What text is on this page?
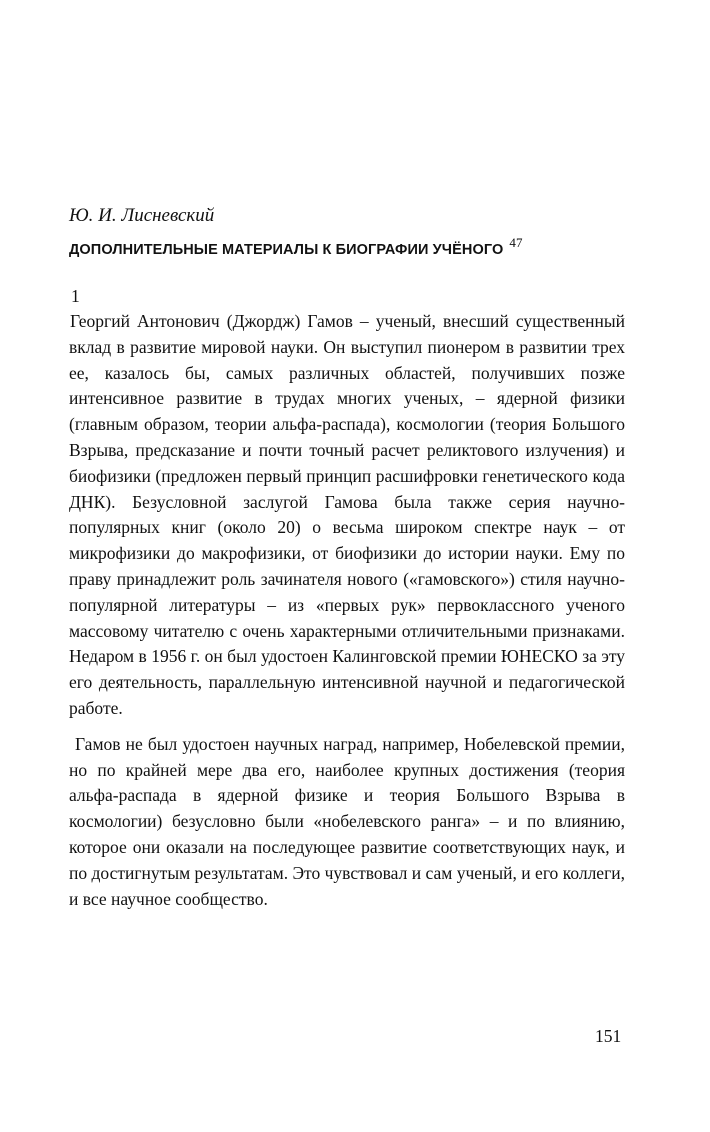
Ю. И. Лисневский

ДОПОЛНИТЕЛЬНЫЕ МАТЕРИАЛЫ К БИОГРАФИИ УЧЁНОГО 47
1

Георгий Антонович (Джордж) Гамов – ученый, внесший существенный вклад в развитие мировой науки. Он выступил пионером в развитии трех ее, казалось бы, самых различных областей, получивших позже интенсивное развитие в трудах многих ученых, – ядерной физики (главным образом, теории альфа-распада), космологии (теория Большого Взрыва, предсказание и почти точный расчет реликтового излучения) и биофизики (предложен первый принцип расшифровки генетического кода ДНК). Безусловной заслугой Гамова была также серия научно-популярных книг (около 20) о весьма широком спектре наук – от микрофизики до макрофизики, от биофизики до истории науки. Ему по праву принадлежит роль зачинателя нового («гамовского») стиля научно-популярной литературы – из «первых рук» первоклассного ученого массовому читателю с очень характерными отличительными признаками. Недаром в 1956 г. он был удостоен Калинговской премии ЮНЕСКО за эту его деятельность, параллельную интенсивной научной и педагогической работе.

Гамов не был удостоен научных наград, например, Нобелевской премии, но по крайней мере два его, наиболее крупных достижения (теория альфа-распада в ядерной физике и теория Большого Взрыва в космологии) безусловно были «нобелевского ранга» – и по влиянию, которое они оказали на последующее развитие соответствующих наук, и по достигнутым результатам. Это чувствовал и сам ученый, и его коллеги, и все научное сообщество.

151
